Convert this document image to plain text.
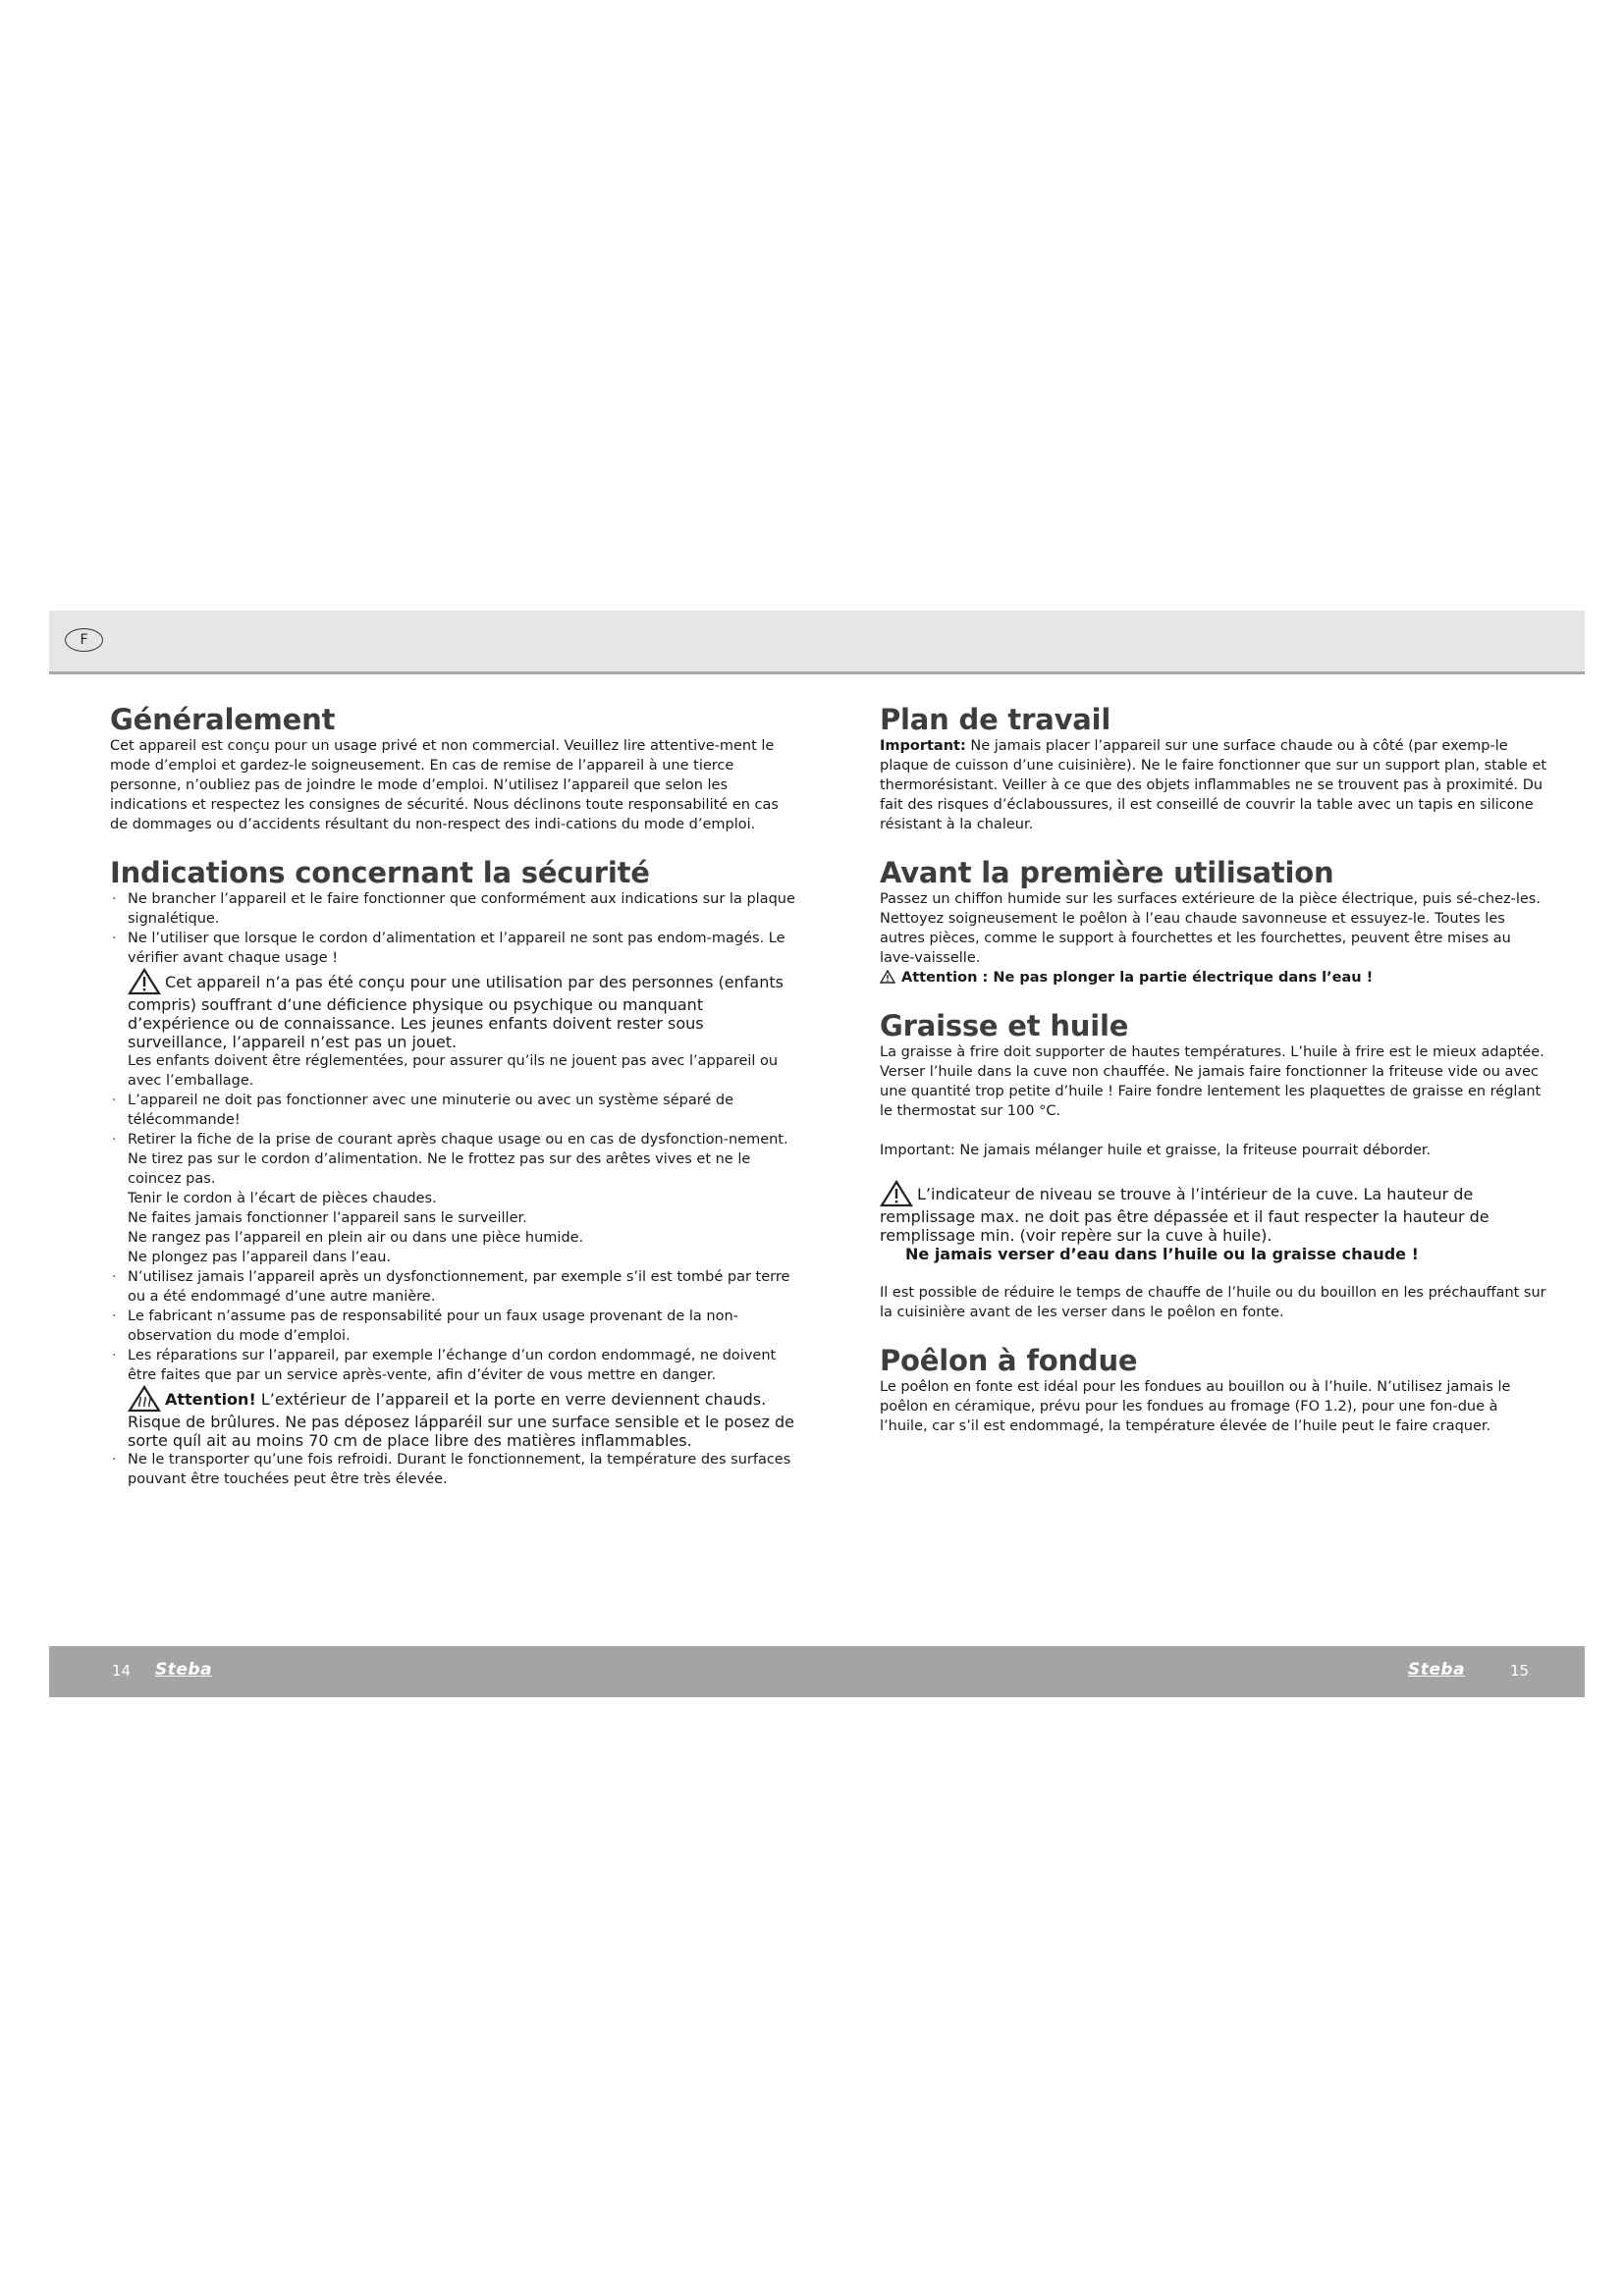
F
Généralement

Cet appareil est conçu pour un usage privé et non commercial. Veuillez lire attentive-ment le mode d’emploi et gardez-le soigneusement. En cas de remise de l’appareil à une tierce personne, n’oubliez pas de joindre le mode d’emploi. N’utilisez l’appareil que selon les indications et respectez les consignes de sécurité. Nous déclinons toute responsabilité en cas de dommages ou d’accidents résultant du non-respect des indi-cations du mode d’emploi.

Indications concernant la sécurité
· Ne brancher l’appareil et le faire fonctionner que conformément aux indications sur la plaque signalétique.
· Ne l’utiliser que lorsque le cordon d’alimentation et l’appareil ne sont pas endom-magés. Le vérifier avant chaque usage !
Cet appareil n’a pas été conçu pour une utilisation par des personnes (enfants compris) souffrant d’une déficience physique ou psychique ou manquant d’expérience ou de connaissance. Les jeunes enfants doivent rester sous surveillance, l’appareil n’est pas un jouet.
Les enfants doivent être réglementées, pour assurer qu’ils ne jouent pas avec l’appareil ou avec l’emballage.
· L’appareil ne doit pas fonctionner avec une minuterie ou avec un système séparé de télécommande!
· Retirer la fiche de la prise de courant après chaque usage ou en cas de dysfonction-nement.
Ne tirez pas sur le cordon d’alimentation. Ne le frottez pas sur des arêtes vives et ne le coincez pas.
Tenir le cordon à l’écart de pièces chaudes.
Ne faites jamais fonctionner l’appareil sans le surveiller.
Ne rangez pas l’appareil en plein air ou dans une pièce humide.
Ne plongez pas l’appareil dans l’eau.
· N’utilisez jamais l’appareil après un dysfonctionnement, par exemple s’il est tombé par terre ou a été endommagé d’une autre manière.
· Le fabricant n’assume pas de responsabilité pour un faux usage provenant de la non-observation du mode d’emploi.
· Les réparations sur l’appareil, par exemple l’échange d’un cordon endommagé, ne doivent être faites que par un service après-vente, afin d’éviter de vous mettre en danger.
Attention! L’extérieur de l’appareil et la porte en verre deviennent chauds. Risque de brûlures. Ne pas déposez lápparéil sur une surface sensible et le posez de sorte quíl ait au moins 70 cm de place libre des matières inflammables.
· Ne le transporter qu’une fois refroidi. Durant le fonctionnement, la température des surfaces pouvant être touchées peut être très élevée.
Plan de travail

Important: Ne jamais placer l’appareil sur une surface chaude ou à côté (par exemp-le plaque de cuisson d’une cuisinière). Ne le faire fonctionner que sur un support plan, stable et thermorésistant. Veiller à ce que des objets inflammables ne se trouvent pas à proximité. Du fait des risques d’éclaboussures, il est conseillé de couvrir la table avec un tapis en silicone résistant à la chaleur.

Avant la première utilisation

Passez un chiffon humide sur les surfaces extérieure de la pièce électrique, puis sé-chez-les. Nettoyez soigneusement le poêlon à l’eau chaude savonneuse et essuyez-le. Toutes les autres pièces, comme le support à fourchettes et les fourchettes, peuvent être mises au lave-vaisselle.

Attention : Ne pas plonger la partie électrique dans l’eau !

Graisse et huile

La graisse à frire doit supporter de hautes températures. L’huile à frire est le mieux adaptée. Verser l’huile dans la cuve non chauffée. Ne jamais faire fonctionner la friteuse vide ou avec une quantité trop petite d’huile ! Faire fondre lentement les plaquettes de graisse en réglant le thermostat sur 100 °C.

Important: Ne jamais mélanger huile et graisse, la friteuse pourrait déborder.

L’indicateur de niveau se trouve à l’intérieur de la cuve. La hauteur de remplissage max. ne doit pas être dépassée et il faut respecter la hauteur de remplissage min. (voir repère sur la cuve à huile).
Ne jamais verser d’eau dans l’huile ou la graisse chaude !

Il est possible de réduire le temps de chauffe de l’huile ou du bouillon en les préchauffant sur la cuisinière avant de les verser dans le poêlon en fonte.

Poêlon à fondue

Le poêlon en fonte est idéal pour les fondues au bouillon ou à l’huile. N’utilisez jamais le poêlon en céramique, prévu pour les fondues au fromage (FO 1.2), pour une fon-due à l’huile, car s’il est endommagé, la température élevée de l’huile peut le faire craquer.

14 Steba	Steba	15
